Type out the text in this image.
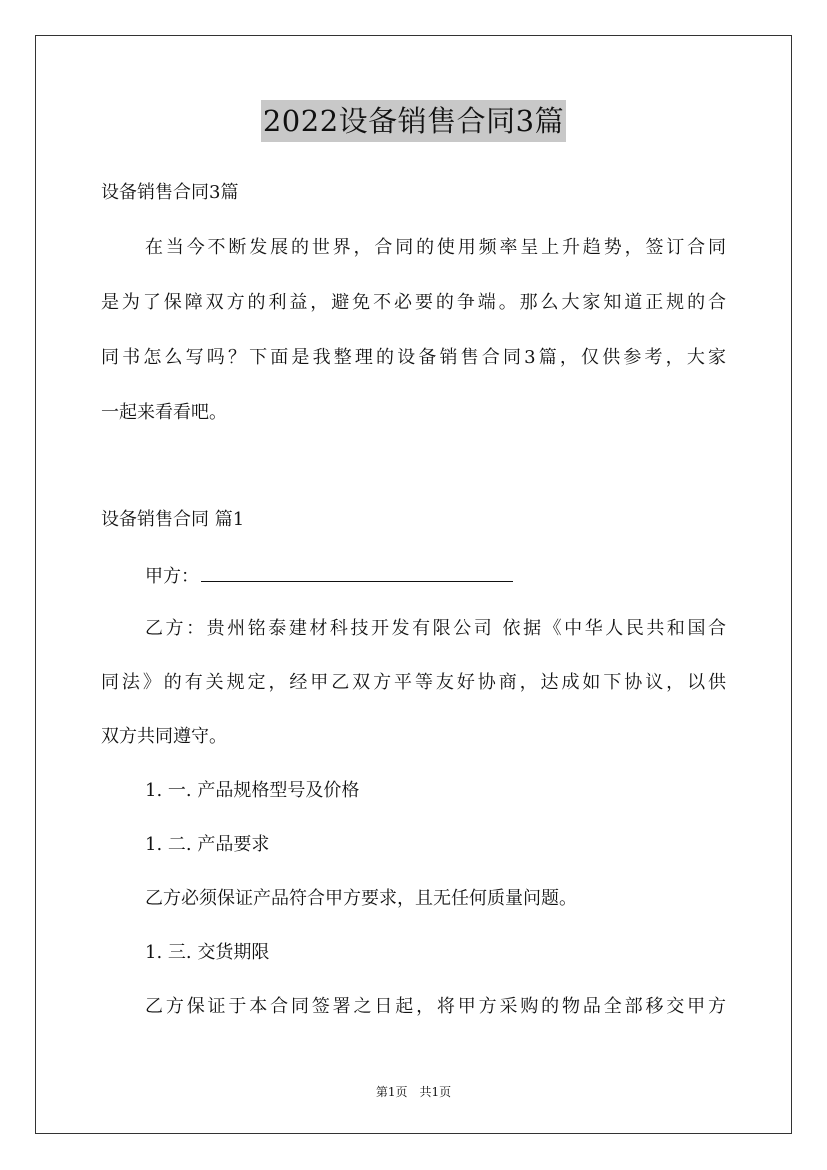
2022设备销售合同3篇
设备销售合同3篇
在当今不断发展的世界，合同的使用频率呈上升趋势，签订合同
是为了保障双方的利益，避免不必要的争端。那么大家知道正规的合
同书怎么写吗？下面是我整理的设备销售合同3篇，仅供参考，大家
一起来看看吧。
设备销售合同 篇1
甲方：
乙方：贵州铭泰建材科技开发有限公司 依据《中华人民共和国合
同法》的有关规定，经甲乙双方平等友好协商，达成如下协议，以供
双方共同遵守。
1. 一. 产品规格型号及价格
1. 二. 产品要求
乙方必须保证产品符合甲方要求，且无任何质量问题。
1. 三. 交货期限
乙方保证于本合同签署之日起，将甲方采购的物品全部移交甲方
第1页　共1页
